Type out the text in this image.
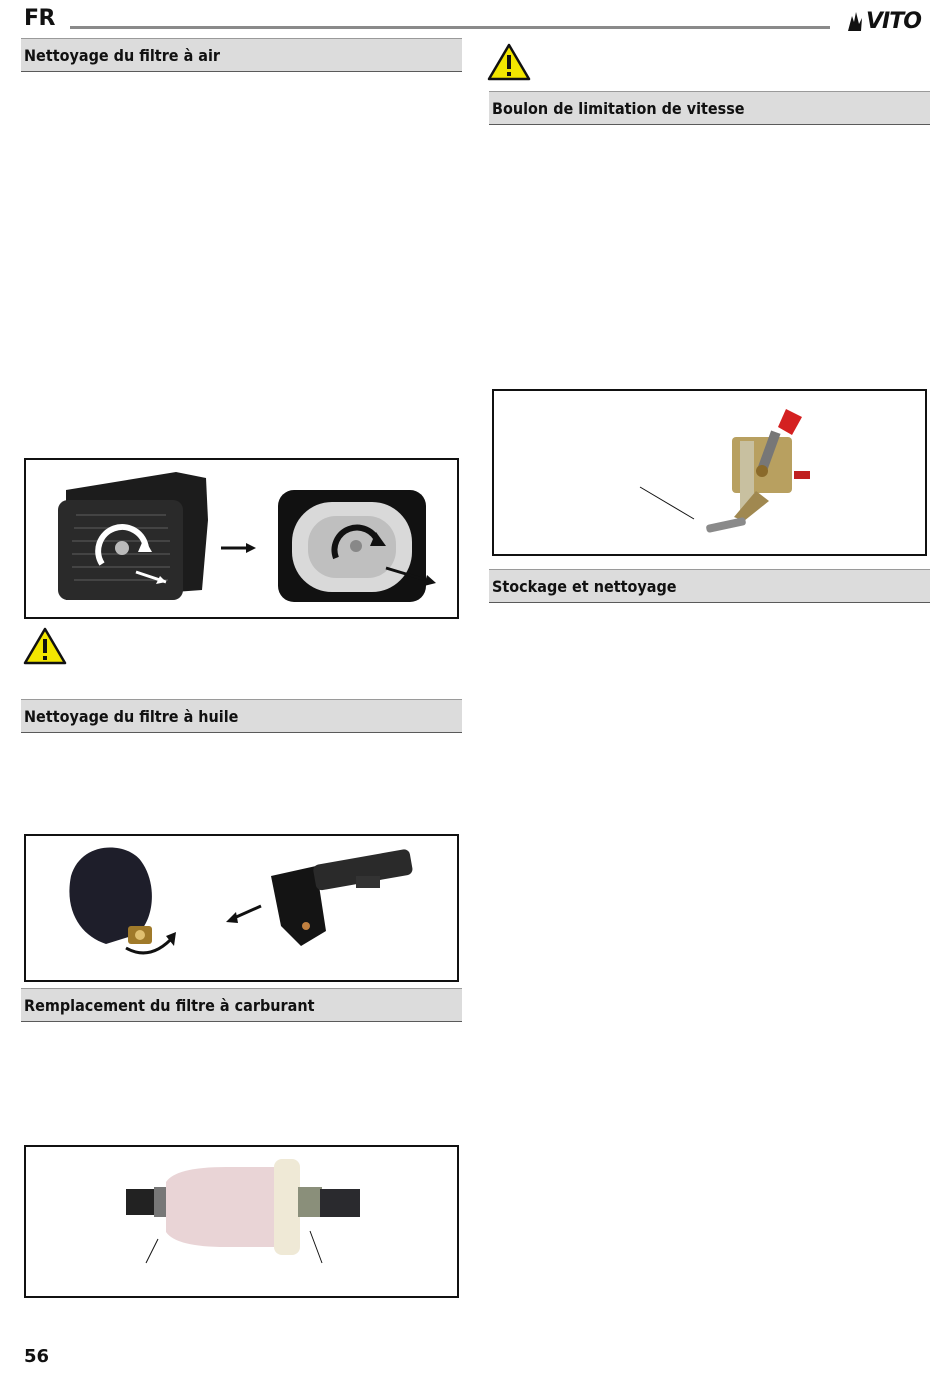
FR	VITO
Nettoyage du filtre à air
Nettoyage du filtre à huile
Remplacement du filtre à carburant
Boulon de limitation de vitesse
Stockage et nettoyage
56
